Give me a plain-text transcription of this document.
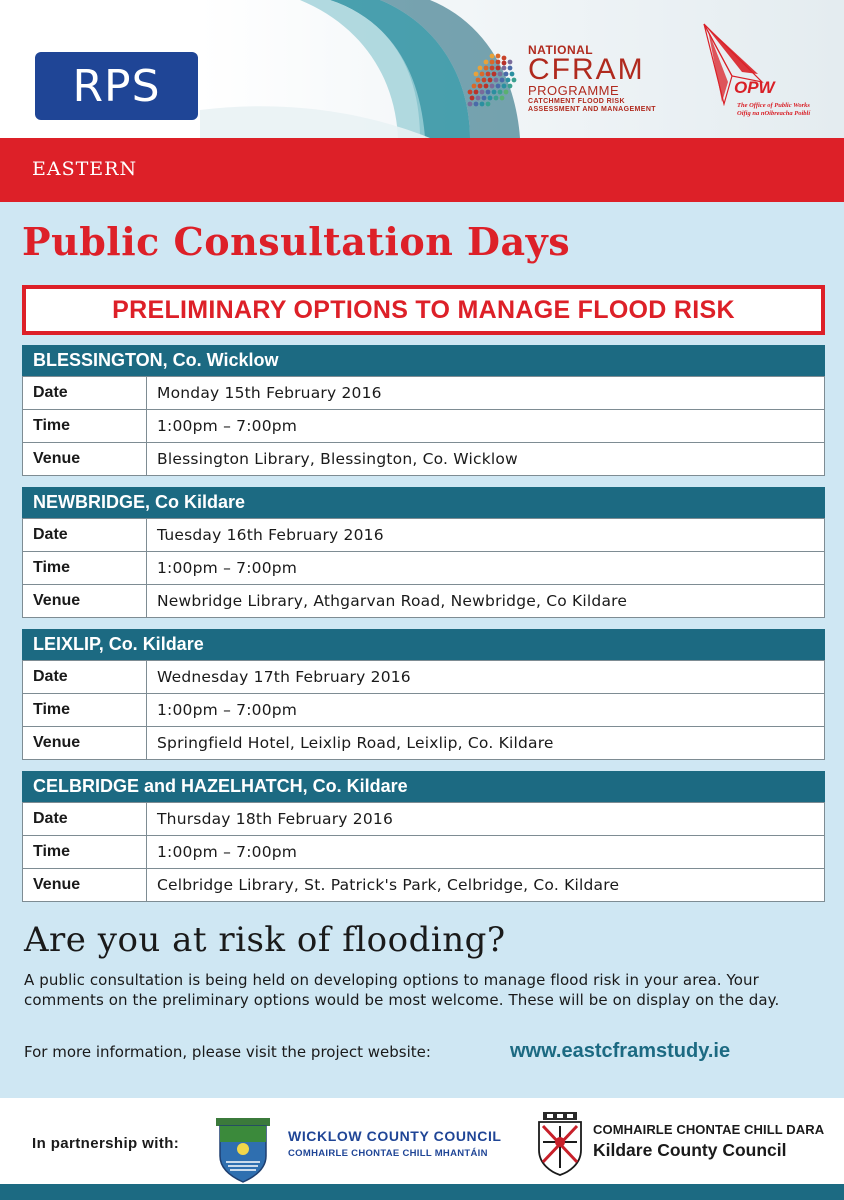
RPS
NATIONAL
CFRAM
PROGRAMME
CATCHMENT FLOOD RISK
ASSESSMENT AND MANAGEMENT
OPW
The Office of Public Works
Oifig na nOibreacha Poiblí
EASTERN
Public Consultation Days
PRELIMINARY OPTIONS TO MANAGE FLOOD RISK
BLESSINGTON, Co. Wicklow
Date	Monday 15th February 2016
Time	1:00pm – 7:00pm
Venue	Blessington Library, Blessington, Co. Wicklow
NEWBRIDGE, Co Kildare
Date	Tuesday 16th February 2016
Time	1:00pm – 7:00pm
Venue	Newbridge Library, Athgarvan Road, Newbridge, Co Kildare
LEIXLIP, Co. Kildare
Date	Wednesday 17th February 2016
Time	1:00pm – 7:00pm
Venue	Springfield Hotel, Leixlip Road, Leixlip, Co. Kildare
CELBRIDGE and HAZELHATCH, Co. Kildare
Date	Thursday 18th February 2016
Time	1:00pm – 7:00pm
Venue	Celbridge Library, St. Patrick's Park, Celbridge, Co. Kildare
Are you at risk of flooding?
A public consultation is being held on developing options to manage flood risk in your area. Your comments on the preliminary options would be most welcome. These will be on display on the day.
For more information, please visit the project website:	www.eastcframstudy.ie
In partnership with:	WICKLOW COUNTY COUNCIL
COMHAIRLE CHONTAE CHILL MHANTÁIN
COMHAIRLE CHONTAE CHILL DARA
Kildare County Council
